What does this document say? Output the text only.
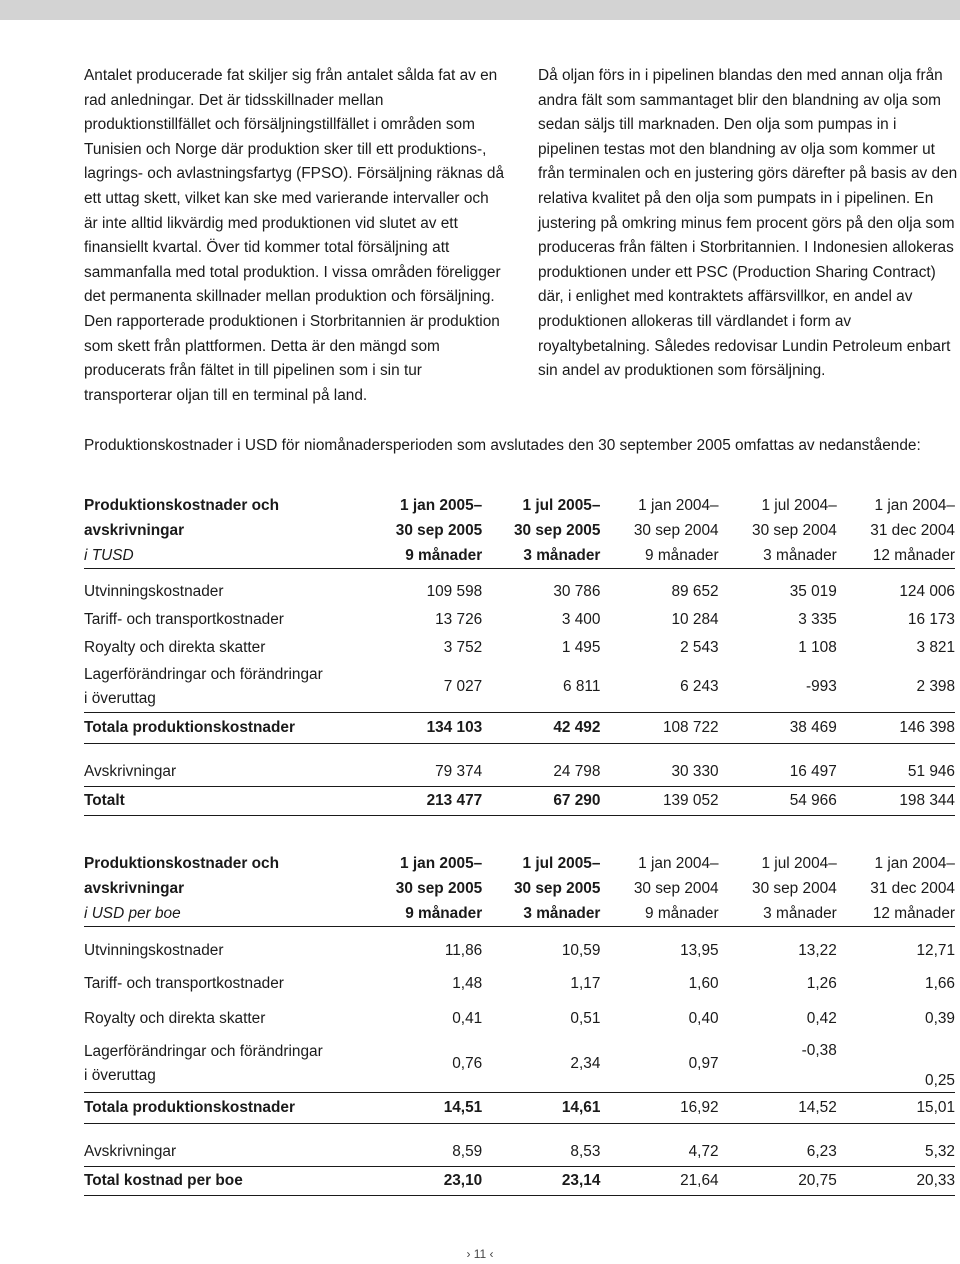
Antalet producerade fat skiljer sig från antalet sålda fat av en rad anledningar. Det är tidsskillnader mellan produktionstillfället och försäljningstillfället i områden som Tunisien och Norge där produktion sker till ett produktions-, lagrings- och avlastningsfartyg (FPSO). Försäljning räknas då ett uttag skett, vilket kan ske med varierande intervaller och är inte alltid likvärdig med produktionen vid slutet av ett finansiellt kvartal. Över tid kommer total försäljning att sammanfalla med total produktion. I vissa områden föreligger det permanenta skillnader mellan produktion och försäljning. Den rapporterade produktionen i Storbritannien är produktion som skett från plattformen. Detta är den mängd som producerats från fältet in till pipelinen som i sin tur transporterar oljan till en terminal på land.

Då oljan förs in i pipelinen blandas den med annan olja från andra fält som sammantaget blir den blandning av olja som sedan säljs till marknaden. Den olja som pumpas in i pipelinen testas mot den blandning av olja som kommer ut från terminalen och en justering görs därefter på basis av den relativa kvalitet på den olja som pumpats in i pipelinen. En justering på omkring minus fem procent görs på den olja som produceras från fälten i Storbritannien. I Indonesien allokeras produktionen under ett PSC (Production Sharing Contract) där, i enlighet med kontraktets affärsvillkor, en andel av produktionen allokeras till värdlandet i form av royaltybetalning. Således redovisar Lundin Petroleum enbart sin andel av produktionen som försäljning.

Produktionskostnader i USD för niomånadersperioden som avslutades den 30 september 2005 omfattas av nedanstående:

Produktionskostnader och	1 jan 2005–	1 jul 2005–	1 jan 2004–	1 jul 2004–	1 jan 2004–
avskrivningar	30 sep 2005	30 sep 2005	30 sep 2004	30 sep 2004	31 dec 2004
i TUSD	9 månader	3 månader	9 månader	3 månader	12 månader

Utvinningskostnader	109 598	30 786	89 652	35 019	124 006
Tariff- och transportkostnader	13 726	3 400	10 284	3 335	16 173
Royalty och direkta skatter	3 752	1 495	2 543	1 108	3 821
Lagerförändringar och förändringar
i överuttag	7 027	6 811	6 243	-993	2 398
Totala produktionskostnader	134 103	42 492	108 722	38 469	146 398

Avskrivningar	79 374	24 798	30 330	16 497	51 946
Totalt	213 477	67 290	139 052	54 966	198 344
Produktionskostnader och	1 jan 2005–	1 jul 2005–	1 jan 2004–	1 jul 2004–	1 jan 2004–
avskrivningar	30 sep 2005	30 sep 2005	30 sep 2004	30 sep 2004	31 dec 2004
i USD per boe	9 månader	3 månader	9 månader	3 månader	12 månader

Utvinningskostnader	11,86	10,59	13,95	13,22	12,71
Tariff- och transportkostnader	1,48	1,17	1,60	1,26	1,66
Royalty och direkta skatter	0,41	0,51	0,40	0,42	0,39
Lagerförändringar och förändringar
i överuttag	0,76	2,34	0,97	-0,38	0,25
Totala produktionskostnader	14,51	14,61	16,92	14,52	15,01

Avskrivningar	8,59	8,53	4,72	6,23	5,32
Total kostnad per boe	23,10	23,14	21,64	20,75	20,33
› 11 ‹
